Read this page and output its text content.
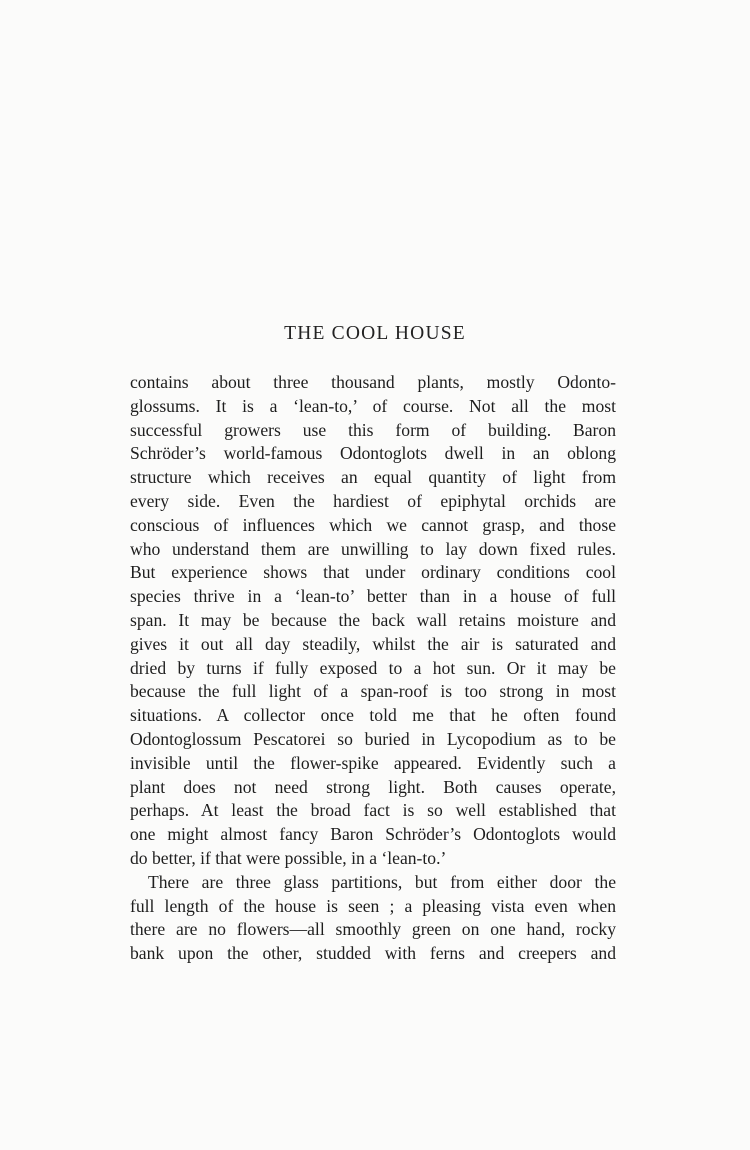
THE COOL HOUSE
contains about three thousand plants, mostly Odonto-
glossums. It is a ‘lean-to,’ of course. Not all the most
successful growers use this form of building. Baron
Schröder’s world-famous Odontoglots dwell in an oblong
structure which receives an equal quantity of light from
every side. Even the hardiest of epiphytal orchids are
conscious of influences which we cannot grasp, and those
who understand them are unwilling to lay down fixed rules.
But experience shows that under ordinary conditions cool
species thrive in a ‘lean-to’ better than in a house of full
span. It may be because the back wall retains moisture and
gives it out all day steadily, whilst the air is saturated and
dried by turns if fully exposed to a hot sun. Or it may be
because the full light of a span-roof is too strong in most
situations. A collector once told me that he often found
Odontoglossum Pescatorei so buried in Lycopodium as to be
invisible until the flower-spike appeared. Evidently such a
plant does not need strong light. Both causes operate,
perhaps. At least the broad fact is so well established that
one might almost fancy Baron Schröder’s Odontoglots would
do better, if that were possible, in a ‘lean-to.’
There are three glass partitions, but from either door the
full length of the house is seen ; a pleasing vista even when
there are no flowers—all smoothly green on one hand, rocky
bank upon the other, studded with ferns and creepers and
